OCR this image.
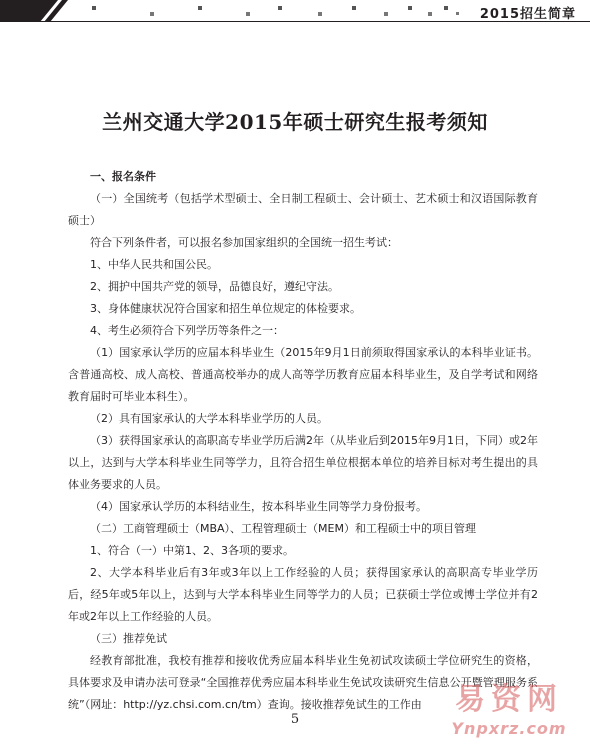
2015招生简章
兰州交通大学2015年硕士研究生报考须知

一、报名条件

（一）全国统考（包括学术型硕士、全日制工程硕士、会计硕士、艺术硕士和汉语国际教育硕士）

符合下列条件者，可以报名参加国家组织的全国统一招生考试：

1、中华人民共和国公民。

2、拥护中国共产党的领导，品德良好，遵纪守法。

3、身体健康状况符合国家和招生单位规定的体检要求。

4、考生必须符合下列学历等条件之一：

（1）国家承认学历的应届本科毕业生（2015年9月1日前须取得国家承认的本科毕业证书。含普通高校、成人高校、普通高校举办的成人高等学历教育应届本科毕业生，及自学考试和网络教育届时可毕业本科生）。

（2）具有国家承认的大学本科毕业学历的人员。

（3）获得国家承认的高职高专毕业学历后满2年（从毕业后到2015年9月1日，下同）或2年以上，达到与大学本科毕业生同等学力，且符合招生单位根据本单位的培养目标对考生提出的具体业务要求的人员。

（4）国家承认学历的本科结业生，按本科毕业生同等学力身份报考。

（二）工商管理硕士（MBA）、工程管理硕士（MEM）和工程硕士中的项目管理

1、符合（一）中第1、2、3各项的要求。

2、大学本科毕业后有3年或3年以上工作经验的人员；获得国家承认的高职高专毕业学历后，经5年或5年以上，达到与大学本科毕业生同等学力的人员；已获硕士学位或博士学位并有2年或2年以上工作经验的人员。

（三）推荐免试

经教育部批准，我校有推荐和接收优秀应届本科毕业生免初试攻读硕士学位研究生的资格，具体要求及申请办法可登录“全国推荐优秀应届本科毕业生免试攻读研究生信息公开暨管理服务系统”（网址：http://yz.chsi.com.cn/tm）查询。接收推荐免试生的工作由

5
易资网
Ynpxrz.com
